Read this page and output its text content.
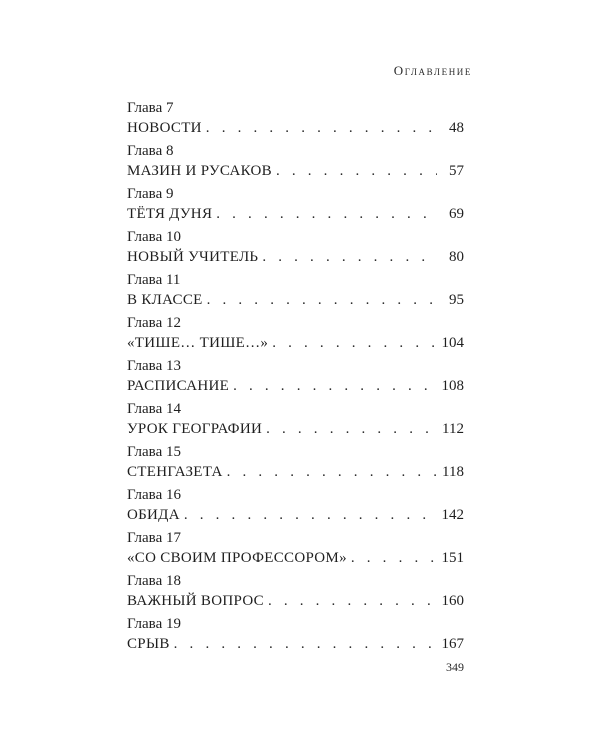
Оглавление
Глава 7
НОВОСТИ . . .	48
Глава 8
МАЗИН И РУСАКОВ . . .	57
Глава 9
ТЁТЯ ДУНЯ . . .	69
Глава 10
НОВЫЙ УЧИТЕЛЬ . . .	80
Глава 11
В КЛАССЕ . . .	95
Глава 12
«ТИШЕ… ТИШЕ…» . . .	104
Глава 13
РАСПИСАНИЕ . . .	108
Глава 14
УРОК ГЕОГРАФИИ . . .	112
Глава 15
СТЕНГАЗЕТА . . .	118
Глава 16
ОБИДА . . .	142
Глава 17
«СО СВОИМ ПРОФЕССОРОМ» . . .	151
Глава 18
ВАЖНЫЙ ВОПРОС . . .	160
Глава 19
СРЫВ . . .	167
349
